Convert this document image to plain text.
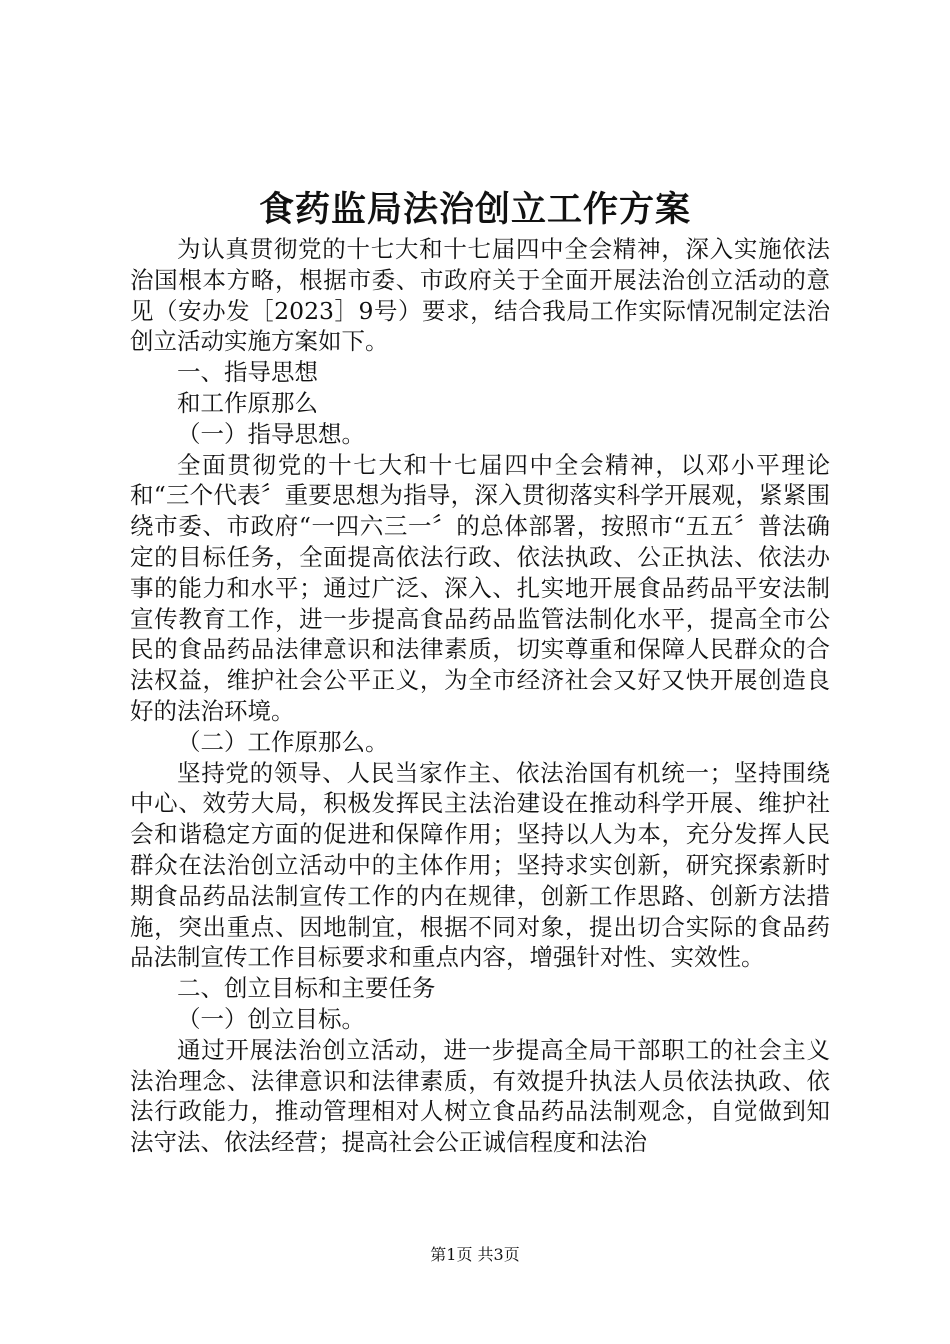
食药监局法治创立工作方案

为认真贯彻党的十七大和十七届四中全会精神，深入实施依法治国根本方略，根据市委、市政府关于全面开展法治创立活动的意见（安办发［2023］9号）要求，结合我局工作实际情况制定法治创立活动实施方案如下。

一、指导思想

和工作原那么

（一）指导思想。

全面贯彻党的十七大和十七届四中全会精神，以邓小平理论和“三个代表〞重要思想为指导，深入贯彻落实科学开展观，紧紧围绕市委、市政府“一四六三一〞的总体部署，按照市“五五〞普法确定的目标任务，全面提高依法行政、依法执政、公正执法、依法办事的能力和水平；通过广泛、深入、扎实地开展食品药品平安法制宣传教育工作，进一步提高食品药品监管法制化水平，提高全市公民的食品药品法律意识和法律素质，切实尊重和保障人民群众的合法权益，维护社会公平正义，为全市经济社会又好又快开展创造良好的法治环境。

（二）工作原那么。

坚持党的领导、人民当家作主、依法治国有机统一；坚持围绕中心、效劳大局，积极发挥民主法治建设在推动科学开展、维护社会和谐稳定方面的促进和保障作用；坚持以人为本，充分发挥人民群众在法治创立活动中的主体作用；坚持求实创新，研究探索新时期食品药品法制宣传工作的内在规律，创新工作思路、创新方法措施，突出重点、因地制宜，根据不同对象，提出切合实际的食品药品法制宣传工作目标要求和重点内容，增强针对性、实效性。

二、创立目标和主要任务

（一）创立目标。

通过开展法治创立活动，进一步提高全局干部职工的社会主义法治理念、法律意识和法律素质，有效提升执法人员依法执政、依法行政能力，推动管理相对人树立食品药品法制观念，自觉做到知法守法、依法经营；提高社会公正诚信程度和法治

第1页 共3页
